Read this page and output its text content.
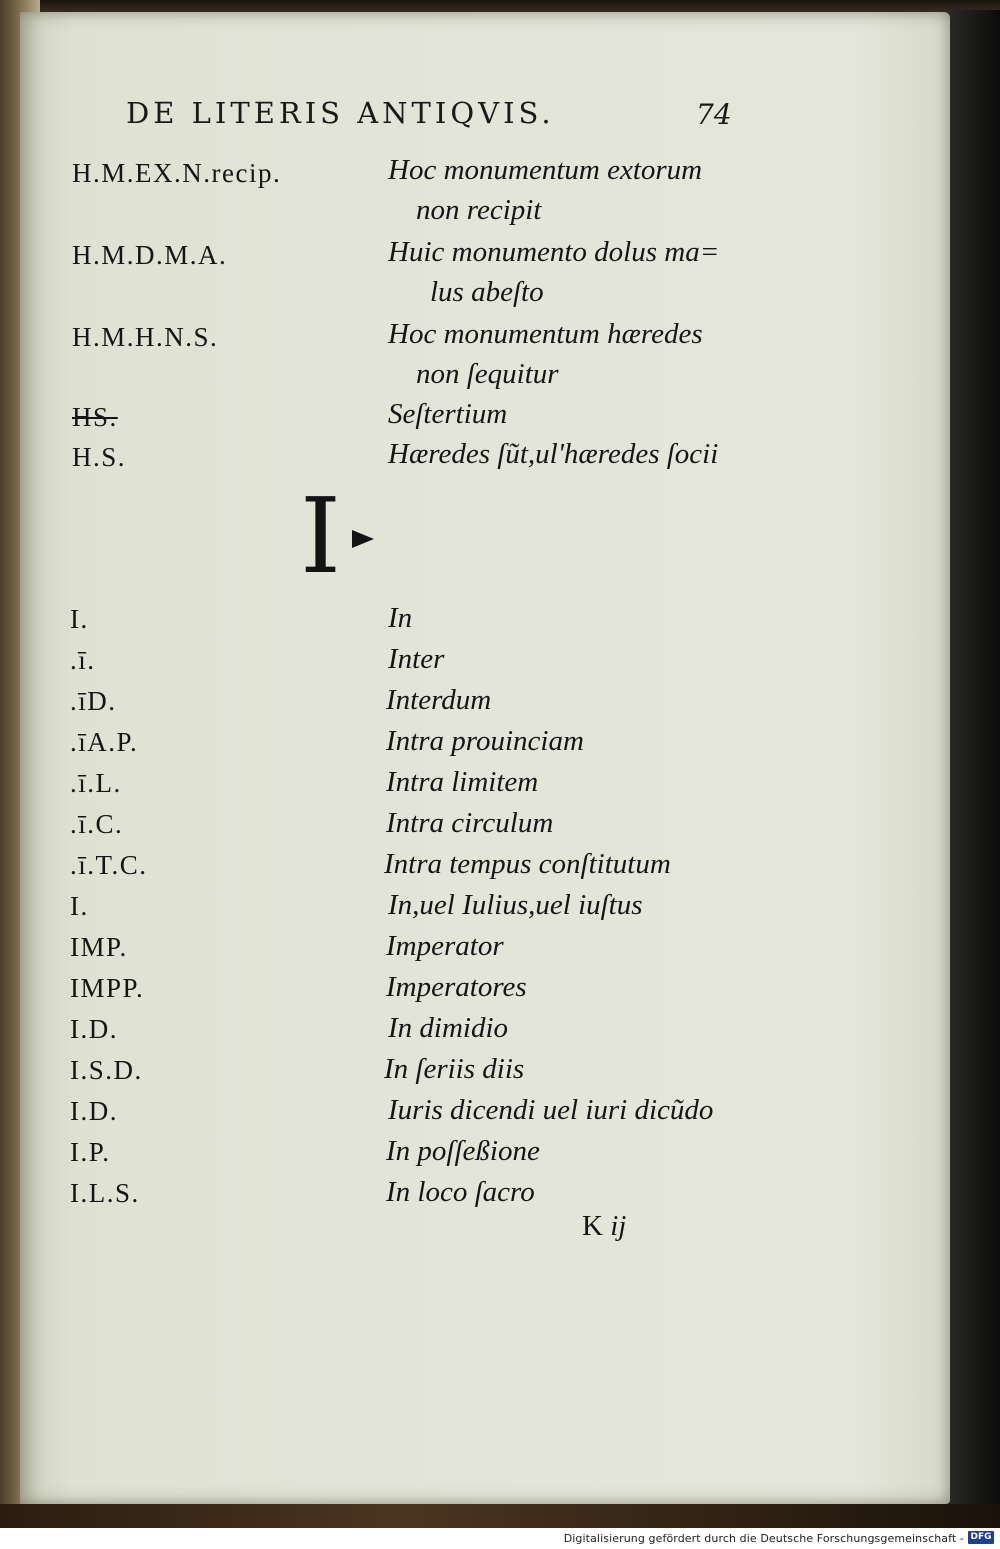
DE LITERIS ANTIQVIS.	74
H.M.EX.N.recip.	Hoc monumentum extorum
non recipit
H.M.D.M.A.	Huic monumento dolus ma=
lus abeſto
H.M.H.N.S.	Hoc monumentum hæredes
non ſequitur
HS.	Seſtertium
H.S.	Hæredes ſũt,ul'hæredes ſocii
I
I.	In
.ī.	Inter
.īD.	Interdum
.īA.P.	Intra prouinciam
.ī.L.	Intra limitem
.ī.C.	Intra circulum
.ī.T.C.	Intra tempus conſtitutum
I.	In,uel Iulius,uel iuſtus
IMP.	Imperator
IMPP.	Imperatores
I.D.	In dimidio
I.S.D.	In ſeriis diis
I.D.	Iuris dicendi uel iuri dicũdo
I.P.	In poſſeßione
I.L.S.	In loco ſacro
K ij
Digitalisierung gefördert durch die Deutsche Forschungsgemeinschaft - DFG
